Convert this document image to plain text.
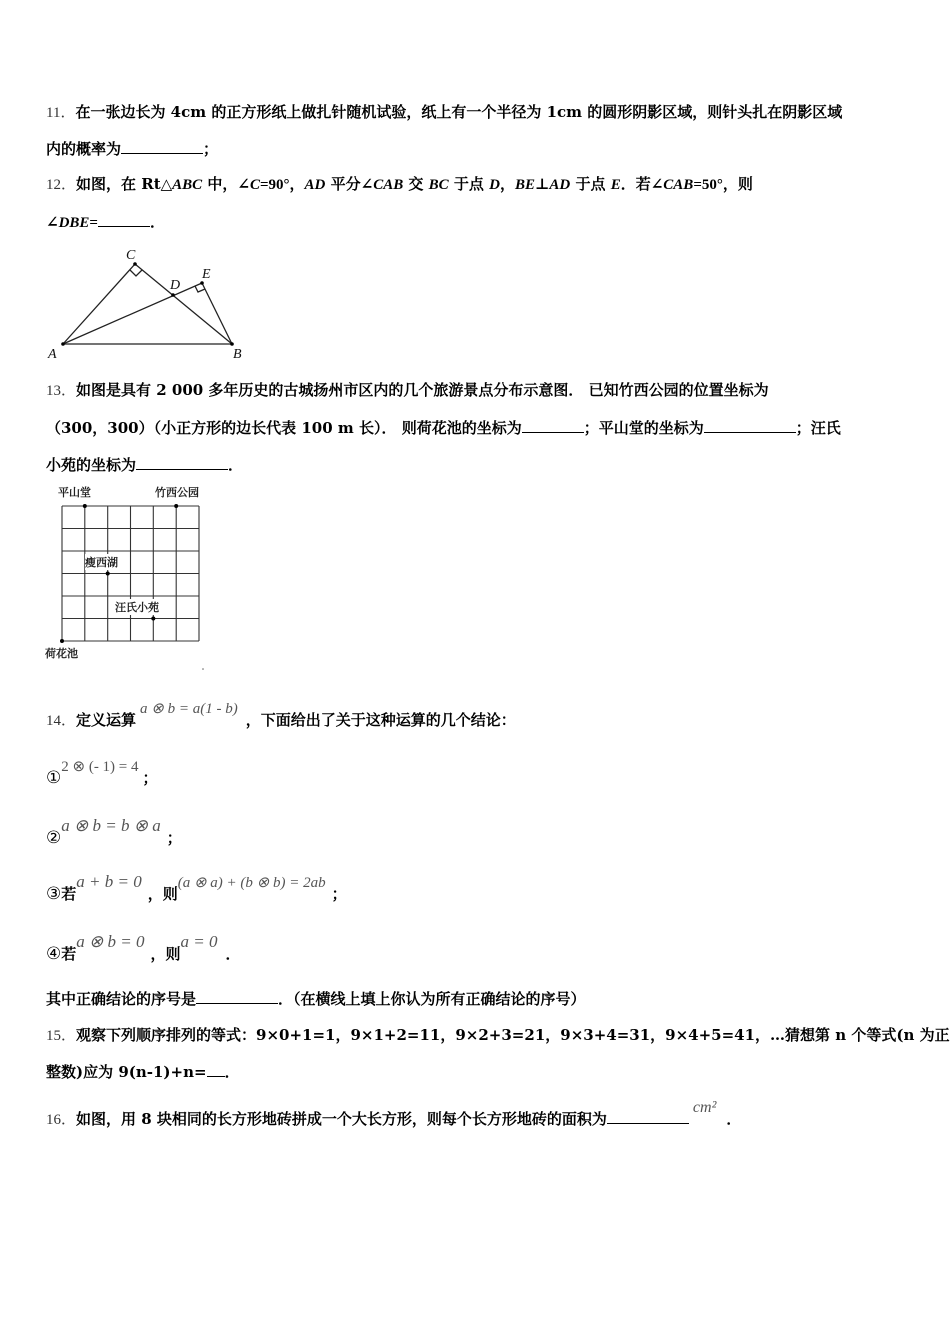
11．在一张边长为 4cm 的正方形纸上做扎针随机试验，纸上有一个半径为 1cm 的圆形阴影区域，则针头扎在阴影区域
内的概率为	；
12．如图，在 Rt△ABC 中，∠C=90°，AD 平分∠CAB 交 BC 于点 D，BE⊥AD 于点 E．若∠CAB=50°，则
∠DBE=	．
C
D
E
A	B
13．如图是具有 2 000 多年历史的古城扬州市区内的几个旅游景点分布示意图． 已知竹西公园的位置坐标为
（300，300）（小正方形的边长代表 100 m 长）． 则荷花池的坐标为	；平山堂的坐标为	；汪氏
小苑的坐标为	．
平山堂	竹西公园
瘦西湖
汪氏小苑
荷花池
14．定义运算a ⊗ b = a(1 - b)，下面给出了关于这种运算的几个结论：
①2 ⊗ (- 1) = 4；
②a ⊗ b = b ⊗ a；
③若a + b = 0，则(a ⊗ a) + (b ⊗ b) = 2ab；
④若a ⊗ b = 0，则a = 0．
其中正确结论的序号是	．（在横线上填上你认为所有正确结论的序号）
15．观察下列顺序排列的等式：9×0+1=1，9×1+2=11，9×2+3=21，9×3+4=31，9×4+5=41，…猜想第 n 个等式(n 为正
整数)应为 9(n-1)+n= ．
16．如图，用 8 块相同的长方形地砖拼成一个大长方形，则每个长方形地砖的面积为cm²．
